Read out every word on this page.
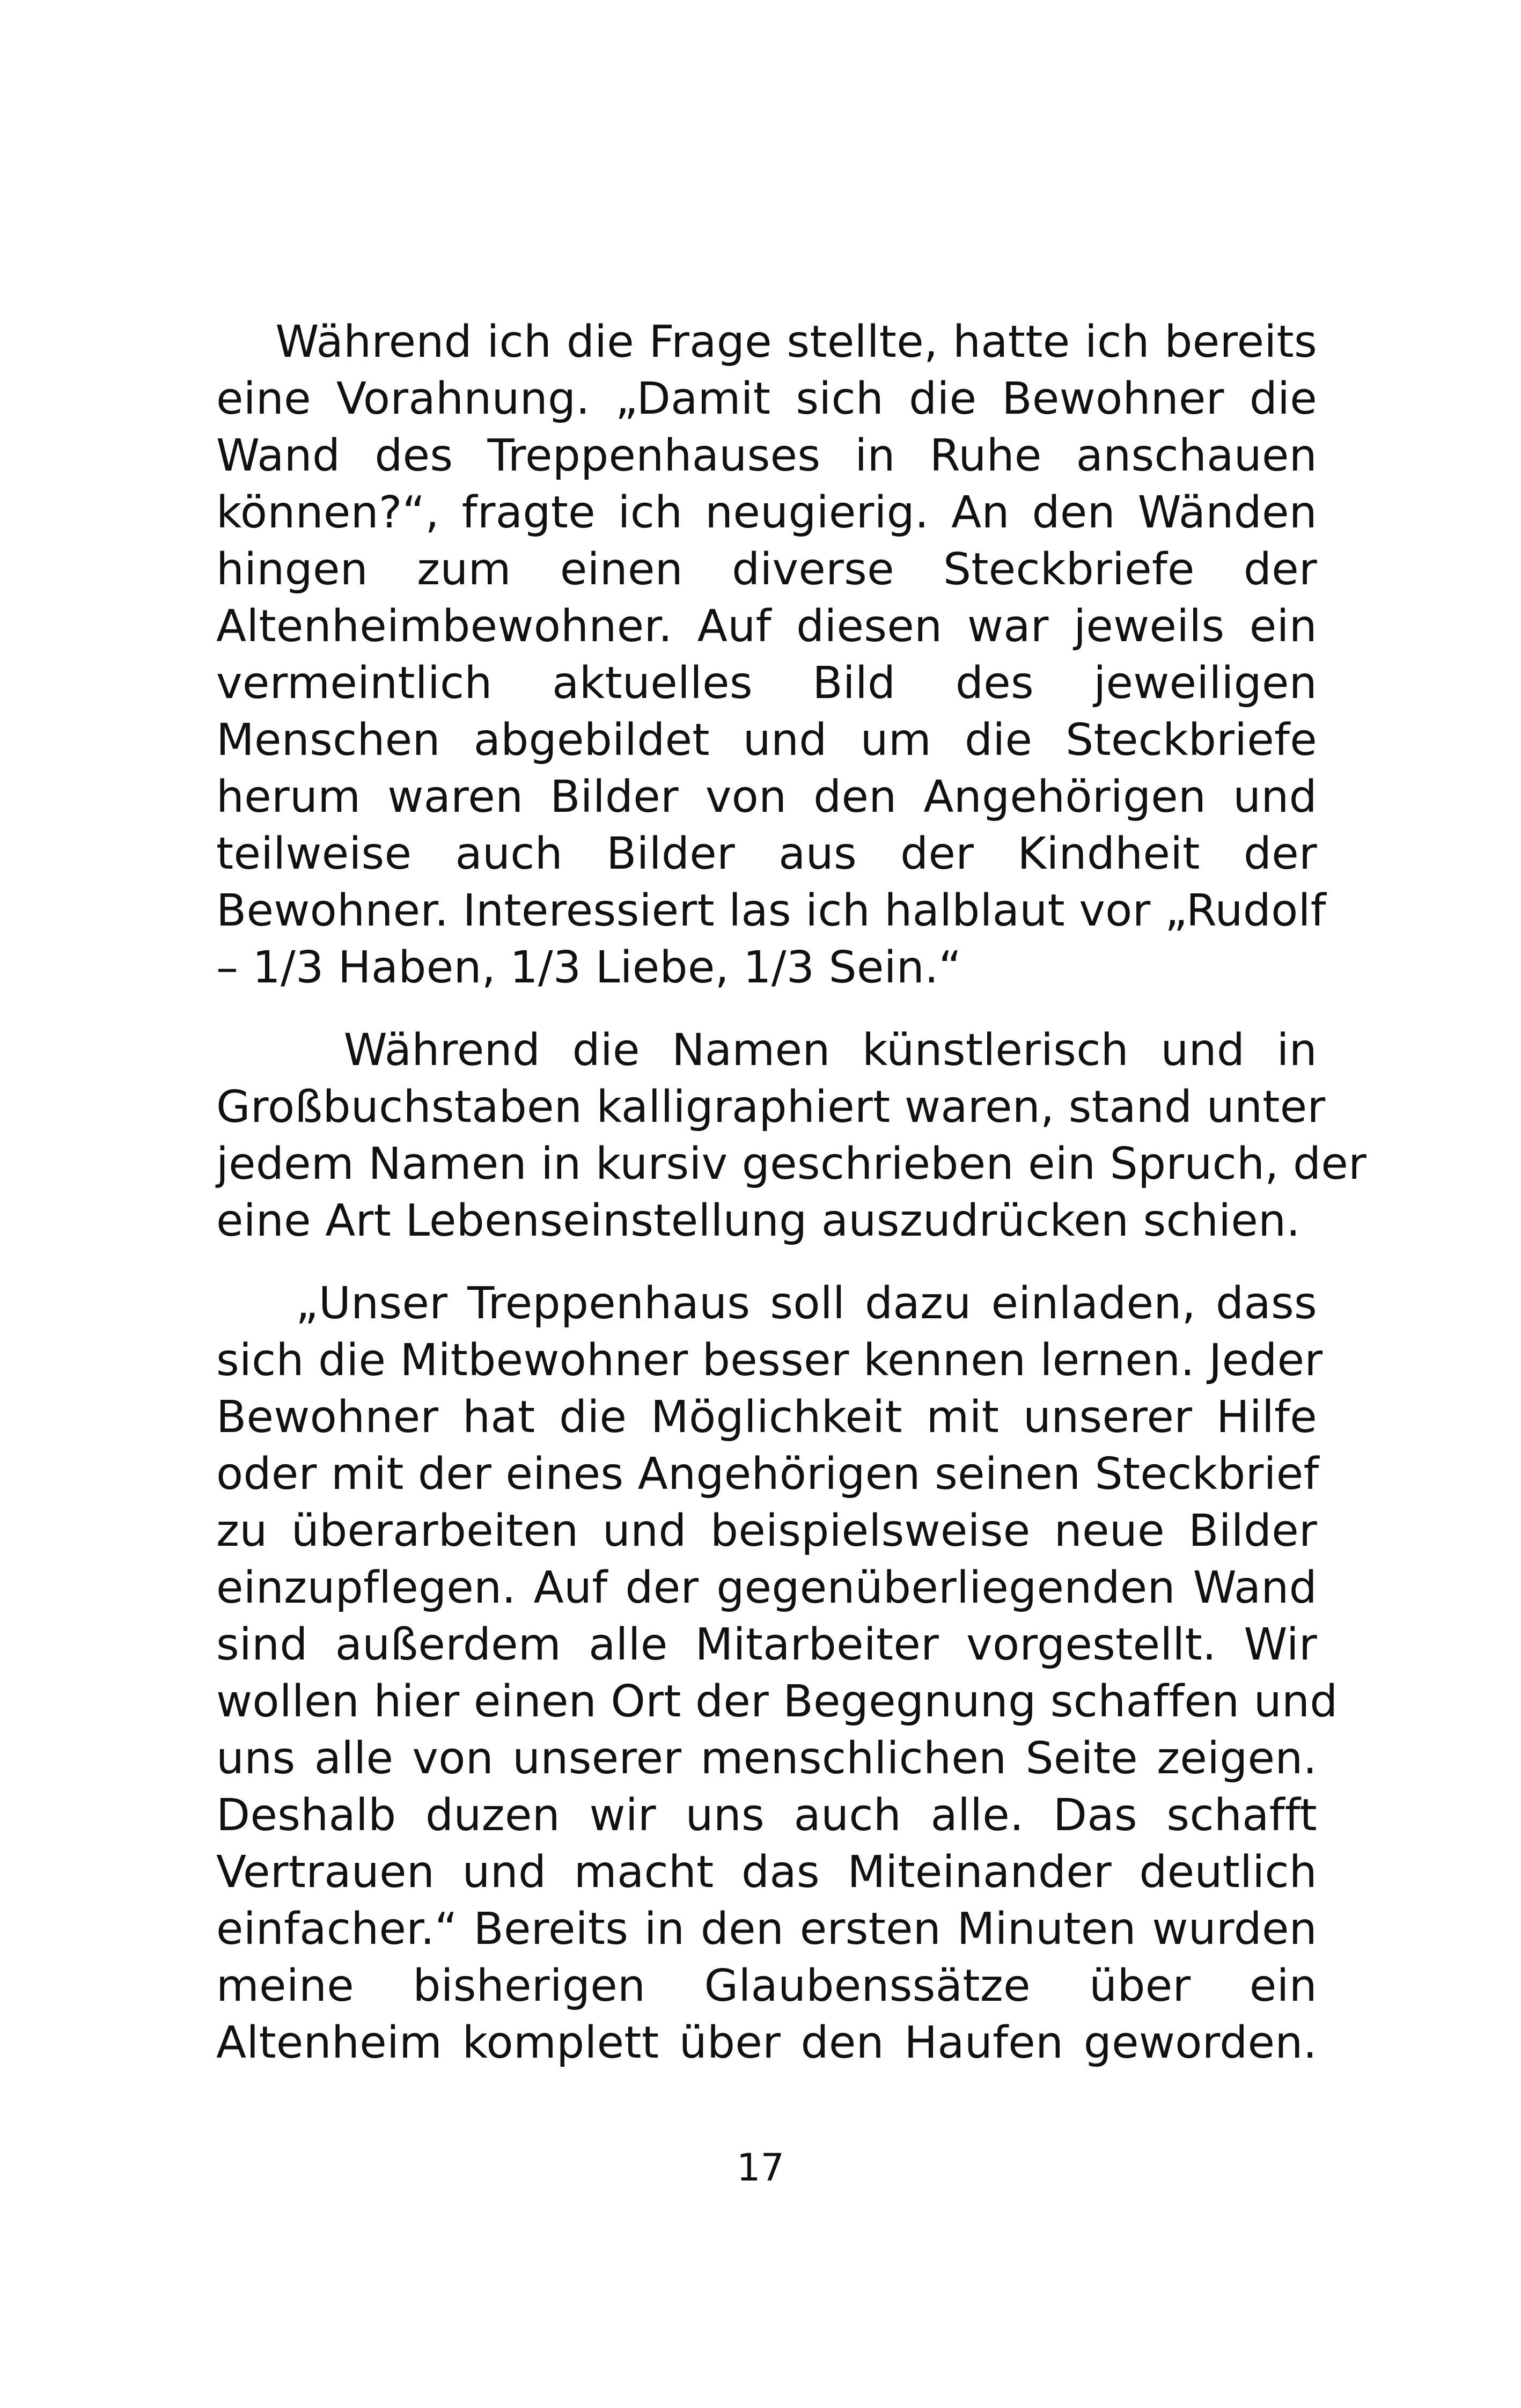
Während ich die Frage stellte, hatte ich bereits
eine Vorahnung. „Damit sich die Bewohner die
Wand des Treppenhauses in Ruhe anschauen
können?“, fragte ich neugierig. An den Wänden
hingen zum einen diverse Steckbriefe der
Altenheimbewohner. Auf diesen war jeweils ein
vermeintlich aktuelles Bild des jeweiligen
Menschen abgebildet und um die Steckbriefe
herum waren Bilder von den Angehörigen und
teilweise auch Bilder aus der Kindheit der
Bewohner. Interessiert las ich halblaut vor „Rudolf
– 1/3 Haben, 1/3 Liebe, 1/3 Sein.“
Während die Namen künstlerisch und in
Großbuchstaben kalligraphiert waren, stand unter
jedem Namen in kursiv geschrieben ein Spruch, der
eine Art Lebenseinstellung auszudrücken schien.
„Unser Treppenhaus soll dazu einladen, dass
sich die Mitbewohner besser kennen lernen. Jeder
Bewohner hat die Möglichkeit mit unserer Hilfe
oder mit der eines Angehörigen seinen Steckbrief
zu überarbeiten und beispielsweise neue Bilder
einzupflegen. Auf der gegenüberliegenden Wand
sind außerdem alle Mitarbeiter vorgestellt. Wir
wollen hier einen Ort der Begegnung schaffen und
uns alle von unserer menschlichen Seite zeigen.
Deshalb duzen wir uns auch alle. Das schafft
Vertrauen und macht das Miteinander deutlich
einfacher.“ Bereits in den ersten Minuten wurden
meine bisherigen Glaubenssätze über ein
Altenheim komplett über den Haufen geworden.
17
